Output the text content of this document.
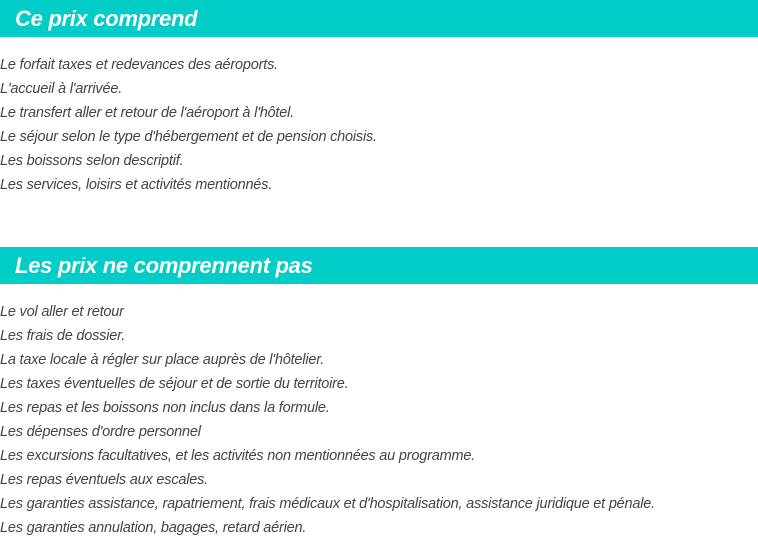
Ce prix comprend
Le forfait taxes et redevances des aéroports.
L'accueil à l'arrivée.
Le transfert aller et retour de l'aéroport à l'hôtel.
Le séjour selon le type d'hébergement et de pension choisis.
Les boissons selon descriptif.
Les services, loisirs et activités mentionnés.
Les prix ne comprennent pas
Le vol aller et retour
Les frais de dossier.
La taxe locale à régler sur place auprès de l'hôtelier.
Les taxes éventuelles de séjour et de sortie du territoire.
Les repas et les boissons non inclus dans la formule.
Les dépenses d'ordre personnel
Les excursions facultatives, et les activités non mentionnées au programme.
Les repas éventuels aux escales.
Les garanties assistance, rapatriement, frais médicaux et d'hospitalisation, assistance juridique et pénale.
Les garanties annulation, bagages, retard aérien.
